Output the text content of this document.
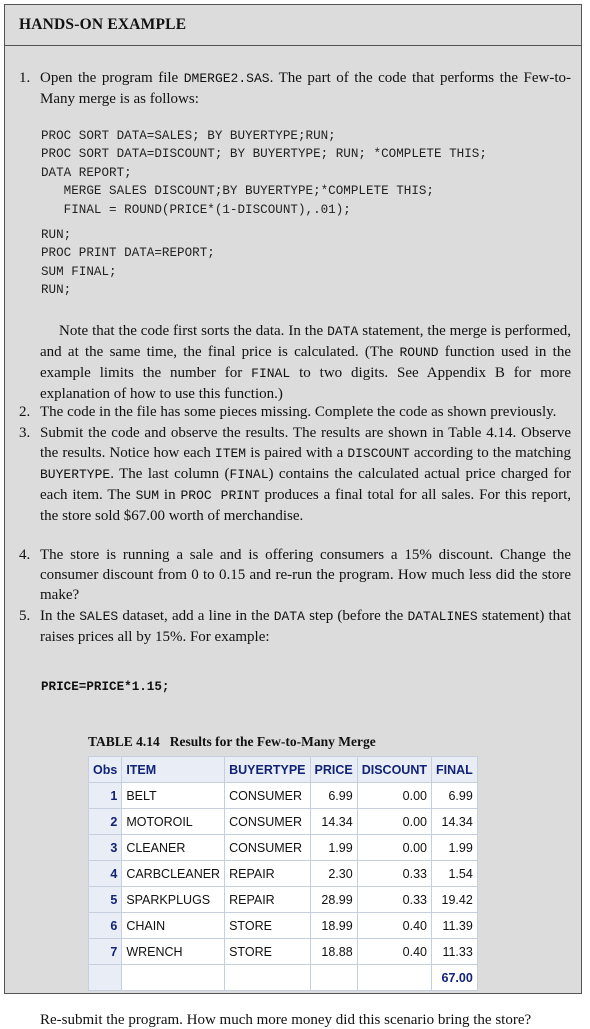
HANDS-ON EXAMPLE
1. Open the program file DMERGE2.SAS. The part of the code that performs the Few-to-Many merge is as follows:
PROC SORT DATA=SALES; BY BUYERTYPE;RUN;
PROC SORT DATA=DISCOUNT; BY BUYERTYPE; RUN; *COMPLETE THIS;
DATA REPORT;
MERGE SALES DISCOUNT;BY BUYERTYPE;*COMPLETE THIS;
FINAL = ROUND(PRICE*(1-DISCOUNT),.01);
RUN;
PROC PRINT DATA=REPORT;
SUM FINAL;
RUN;
Note that the code first sorts the data. In the DATA statement, the merge is performed, and at the same time, the final price is calculated. (The ROUND function used in the example limits the number for FINAL to two digits. See Appendix B for more explanation of how to use this function.)
2. The code in the file has some pieces missing. Complete the code as shown previously.
3. Submit the code and observe the results. The results are shown in Table 4.14. Observe the results. Notice how each ITEM is paired with a DISCOUNT according to the matching BUYERTYPE. The last column (FINAL) contains the calculated actual price charged for each item. The SUM in PROC PRINT produces a final total for all sales. For this report, the store sold $67.00 worth of merchandise.
4. The store is running a sale and is offering consumers a 15% discount. Change the consumer discount from 0 to 0.15 and re-run the program. How much less did the store make?
5. In the SALES dataset, add a line in the DATA step (before the DATALINES statement) that raises prices all by 15%. For example:
PRICE=PRICE*1.15;
TABLE 4.14 Results for the Few-to-Many Merge
Obs	ITEM	BUYERTYPE	PRICE	DISCOUNT	FINAL
1	BELT	CONSUMER	6.99	0.00	6.99
2	MOTOROIL	CONSUMER	14.34	0.00	14.34
3	CLEANER	CONSUMER	1.99	0.00	1.99
4	CARBCLEANER	REPAIR	2.30	0.33	1.54
5	SPARKPLUGS	REPAIR	28.99	0.33	19.42
6	CHAIN	STORE	18.99	0.40	11.39
7	WRENCH	STORE	18.88	0.40	11.33
					67.00
Re-submit the program. How much more money did this scenario bring the store?
